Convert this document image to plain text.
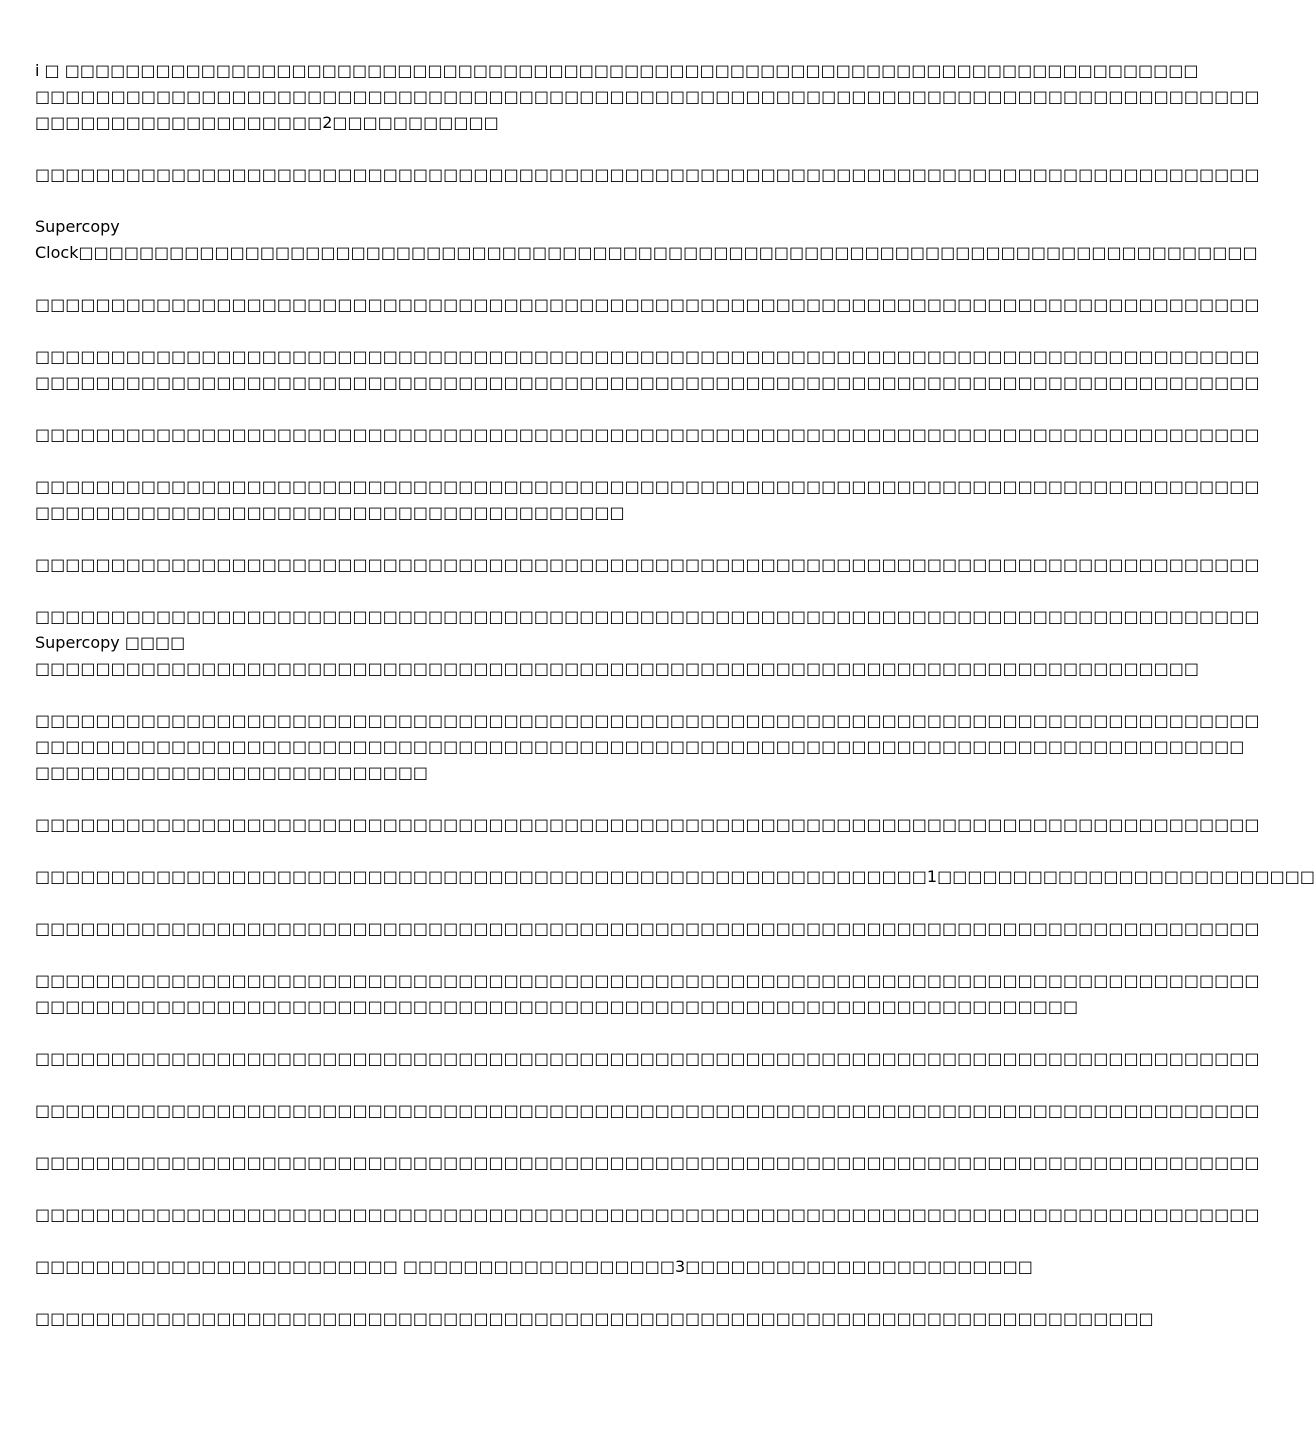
i □ □□□□□□□□□□□□□□□□□□□□□□□□□□□□□□□□□□□□□□□□□□□□□□□□□□□□□□□□□□□□□□□□□□□□□□□□□□□
□□□□□□□□□□□□□□□□□□□□□□□□□□□□□□□□□□□□□□□□□□□□□□□□□□□□□□□□□□□□□□□□□□□□□□□□□□□□□□□□□
□□□□□□□□□□□□□□□□□□□2□□□□□□□□□□□

□□□□□□□□□□□□□□□□□□□□□□□□□□□□□□□□□□□□□□□□□□□□□□□□□□□□□□□□□□□□□□□□□□□□□□□□□□□□□□□□□

Supercopy
Clock□□□□□□□□□□□□□□□□□□□□□□□□□□□□□□□□□□□□□□□□□□□□□□□□□□□□□□□□□□□□□□□□□□□□□□□□□□□□□□

□□□□□□□□□□□□□□□□□□□□□□□□□□□□□□□□□□□□□□□□□□□□□□□□□□□□□□□□□□□□□□□□□□□□□□□□□□□□□□□□□

□□□□□□□□□□□□□□□□□□□□□□□□□□□□□□□□□□□□□□□□□□□□□□□□□□□□□□□□□□□□□□□□□□□□□□□□□□□□□□□□□
□□□□□□□□□□□□□□□□□□□□□□□□□□□□□□□□□□□□□□□□□□□□□□□□□□□□□□□□□□□□□□□□□□□□□□□□□□□□□□□□□

□□□□□□□□□□□□□□□□□□□□□□□□□□□□□□□□□□□□□□□□□□□□□□□□□□□□□□□□□□□□□□□□□□□□□□□□□□□□□□□□□

□□□□□□□□□□□□□□□□□□□□□□□□□□□□□□□□□□□□□□□□□□□□□□□□□□□□□□□□□□□□□□□□□□□□□□□□□□□□□□□□□
□□□□□□□□□□□□□□□□□□□□□□□□□□□□□□□□□□□□□□□

□□□□□□□□□□□□□□□□□□□□□□□□□□□□□□□□□□□□□□□□□□□□□□□□□□□□□□□□□□□□□□□□□□□□□□□□□□□□□□□□□

□□□□□□□□□□□□□□□□□□□□□□□□□□□□□□□□□□□□□□□□□□□□□□□□□□□□□□□□□□□□□□□□□□□□□□□□□□□□□□□□□
Supercopy □□□□
□□□□□□□□□□□□□□□□□□□□□□□□□□□□□□□□□□□□□□□□□□□□□□□□□□□□□□□□□□□□□□□□□□□□□□□□□□□□□

□□□□□□□□□□□□□□□□□□□□□□□□□□□□□□□□□□□□□□□□□□□□□□□□□□□□□□□□□□□□□□□□□□□□□□□□□□□□□□□□□
□□□□□□□□□□□□□□□□□□□□□□□□□□□□□□□□□□□□□□□□□□□□□□□□□□□□□□□□□□□□□□□□□□□□□□□□□□□□□□□□
□□□□□□□□□□□□□□□□□□□□□□□□□□

□□□□□□□□□□□□□□□□□□□□□□□□□□□□□□□□□□□□□□□□□□□□□□□□□□□□□□□□□□□□□□□□□□□□□□□□□□□□□□□□□

□□□□□□□□□□□□□□□□□□□□□□□□□□□□□□□□□□□□□□□□□□□□□□□□□□□□□□□□□□□1□□□□□□□□□□□□□□□□□□□□□□□□□

□□□□□□□□□□□□□□□□□□□□□□□□□□□□□□□□□□□□□□□□□□□□□□□□□□□□□□□□□□□□□□□□□□□□□□□□□□□□□□□□□

□□□□□□□□□□□□□□□□□□□□□□□□□□□□□□□□□□□□□□□□□□□□□□□□□□□□□□□□□□□□□□□□□□□□□□□□□□□□□□□□□
□□□□□□□□□□□□□□□□□□□□□□□□□□□□□□□□□□□□□□□□□□□□□□□□□□□□□□□□□□□□□□□□□□□□□

□□□□□□□□□□□□□□□□□□□□□□□□□□□□□□□□□□□□□□□□□□□□□□□□□□□□□□□□□□□□□□□□□□□□□□□□□□□□□□□□□

□□□□□□□□□□□□□□□□□□□□□□□□□□□□□□□□□□□□□□□□□□□□□□□□□□□□□□□□□□□□□□□□□□□□□□□□□□□□□□□□□

□□□□□□□□□□□□□□□□□□□□□□□□□□□□□□□□□□□□□□□□□□□□□□□□□□□□□□□□□□□□□□□□□□□□□□□□□□□□□□□□□

□□□□□□□□□□□□□□□□□□□□□□□□□□□□□□□□□□□□□□□□□□□□□□□□□□□□□□□□□□□□□□□□□□□□□□□□□□□□□□□□□

□□□□□□□□□□□□□□□□□□□□□□□□ □□□□□□□□□□□□□□□□□□3□□□□□□□□□□□□□□□□□□□□□□□

□□□□□□□□□□□□□□□□□□□□□□□□□□□□□□□□□□□□□□□□□□□□□□□□□□□□□□□□□□□□□□□□□□□□□□□□□□
